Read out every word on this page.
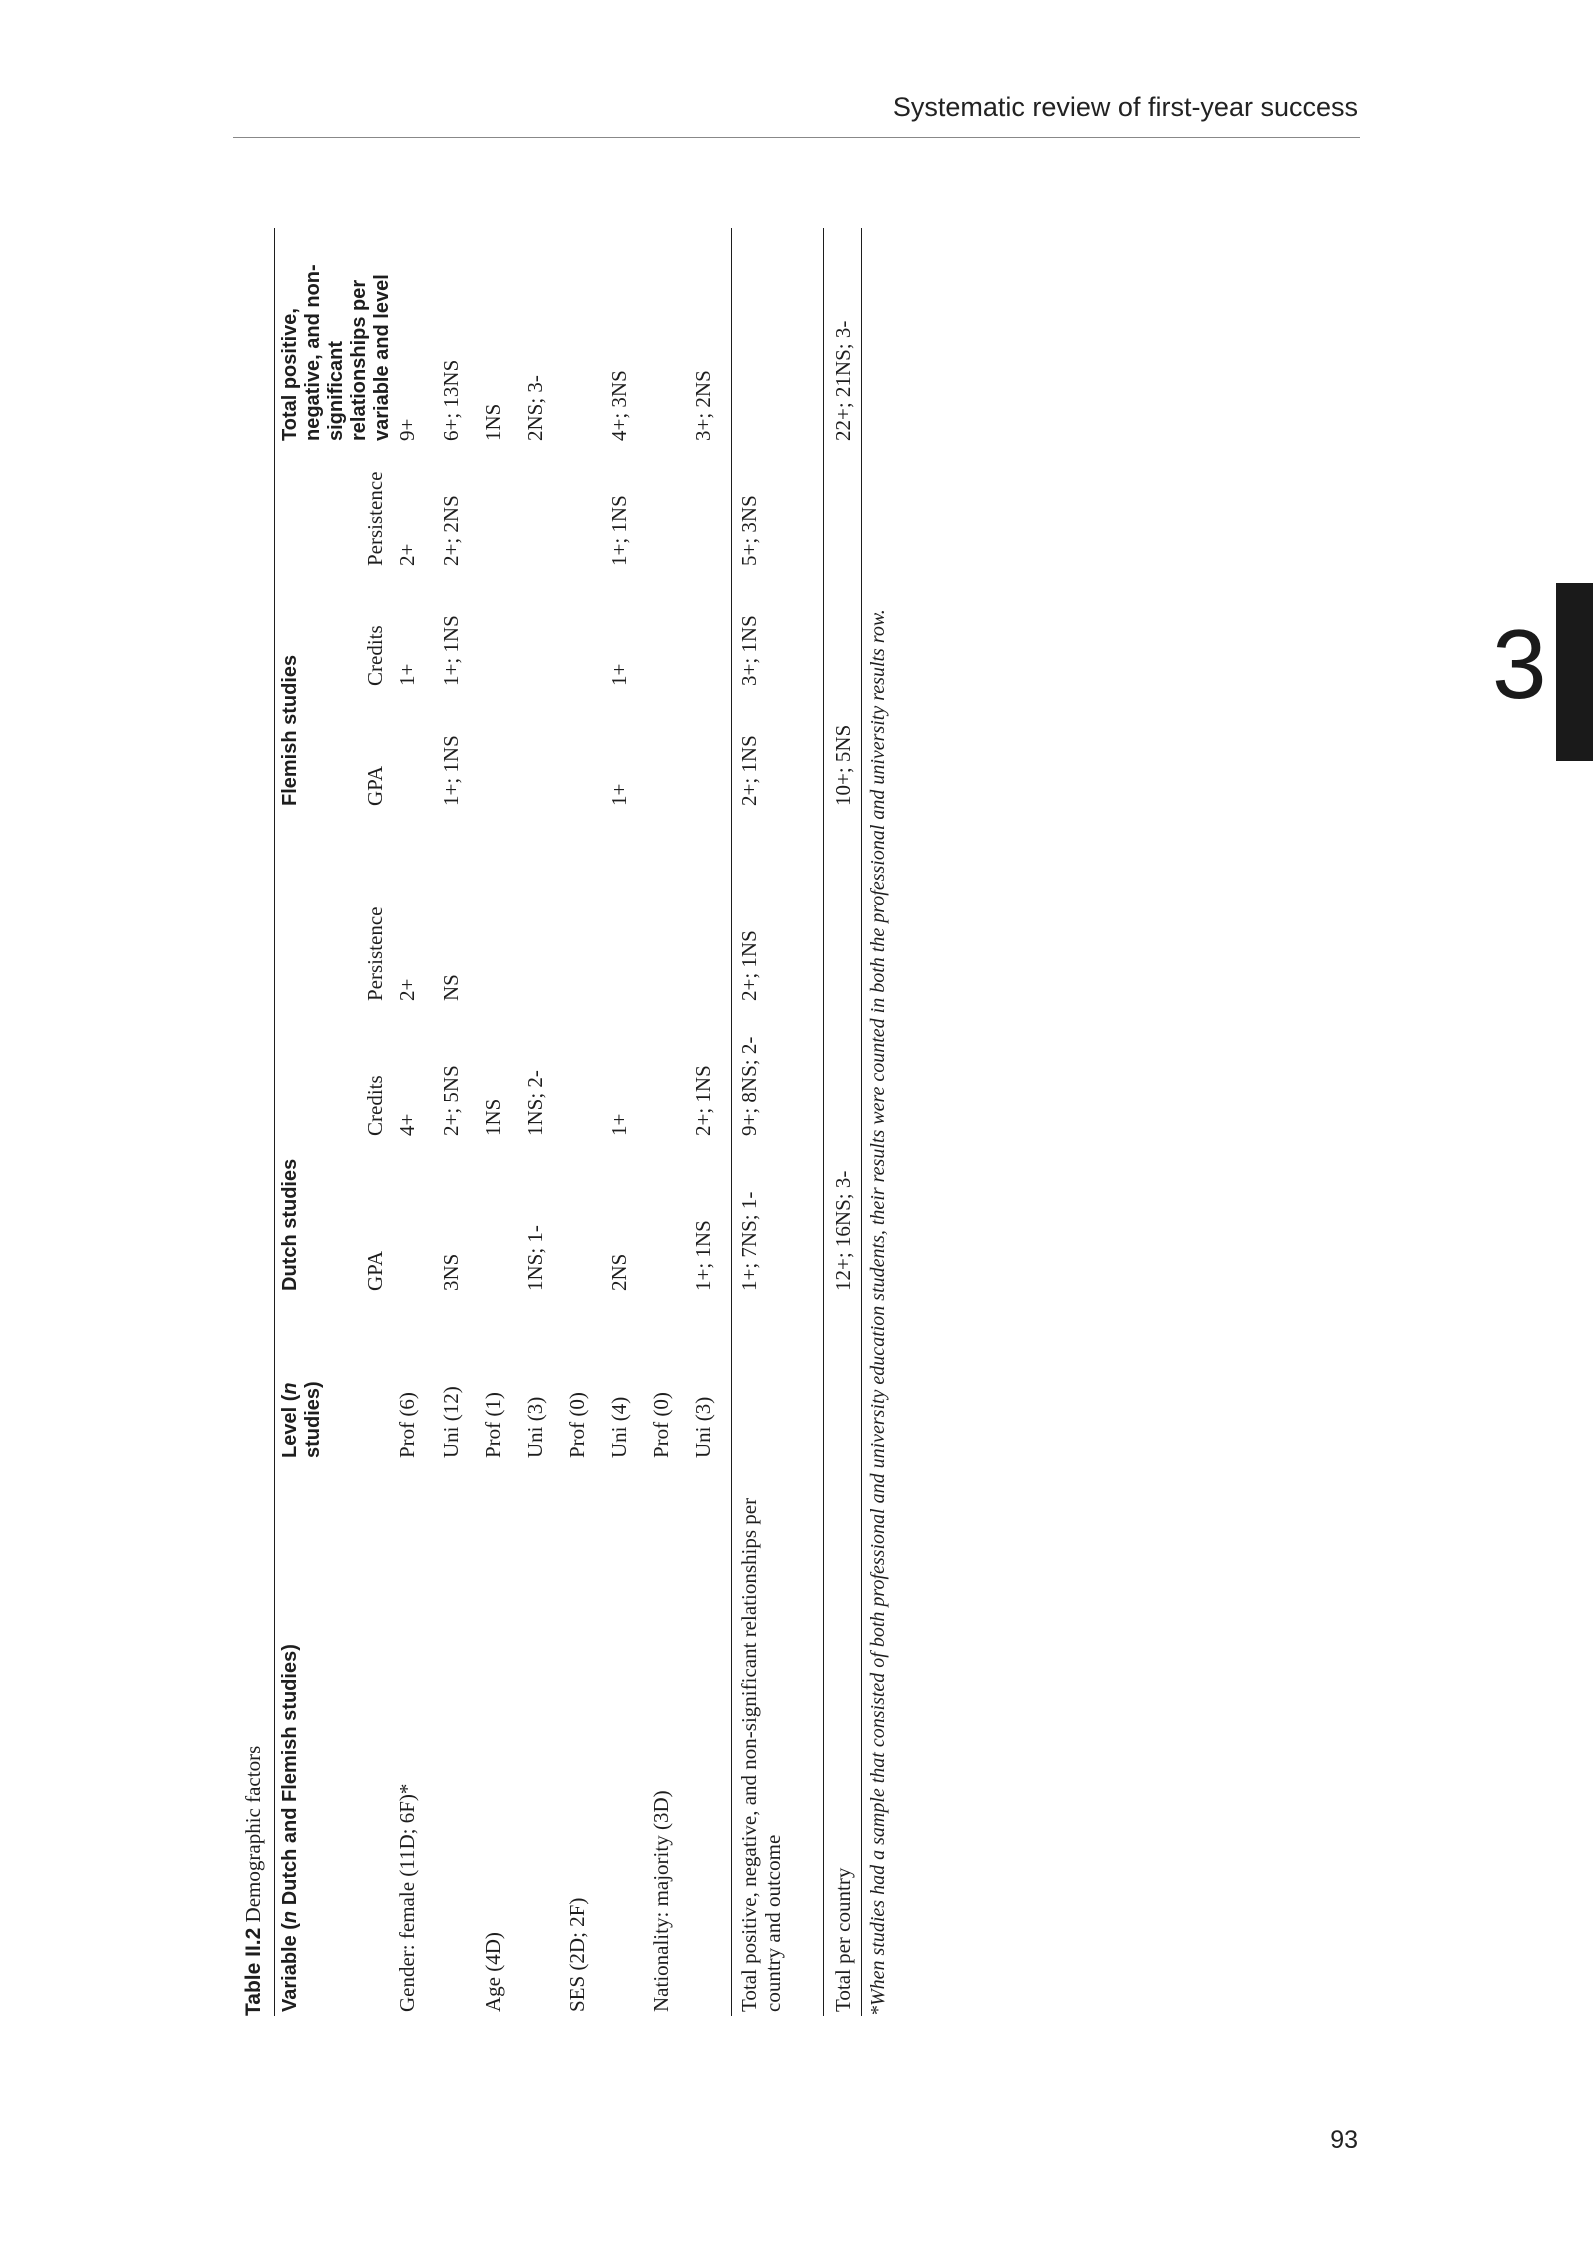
Systematic review of first-year success
3
93
Table II.2 Demographic factors
Variable (n Dutch and Flemish studies)
Level (n studies)
Dutch studies
Flemish studies
Total positive, negative, and non-significant relationships per variable and level
GPA
Credits
Persistence
GPA
Credits
Persistence
Gender: female (11D; 6F)*
Prof (6)
4+
2+
1+
2+
9+
Uni (12)
3NS
2+; 5NS
NS
1+; 1NS
1+; 1NS
2+; 2NS
6+; 13NS
Age (4D)
Prof (1)
1NS
1NS
Uni (3)
1NS; 1-
1NS; 2-
2NS; 3-
SES (2D; 2F)
Prof (0) Uni (4)
2NS
1+
1+
1+
1+; 1NS
4+; 3NS
Nationality: majority (3D)
Prof (0) Uni (3)
1+; 1NS
2+; 1NS
3+; 2NS
Total positive, negative, and non-significant relationships per country and outcome
1+; 7NS; 1-
9+; 8NS; 2-
2+; 1NS
2+; 1NS
3+; 1NS
5+; 3NS
Total per country
12+; 16NS; 3-
10+; 5NS
22+; 21NS; 3-
*When studies had a sample that consisted of both professional and university education students, their results were counted in both the professional and university results row.
